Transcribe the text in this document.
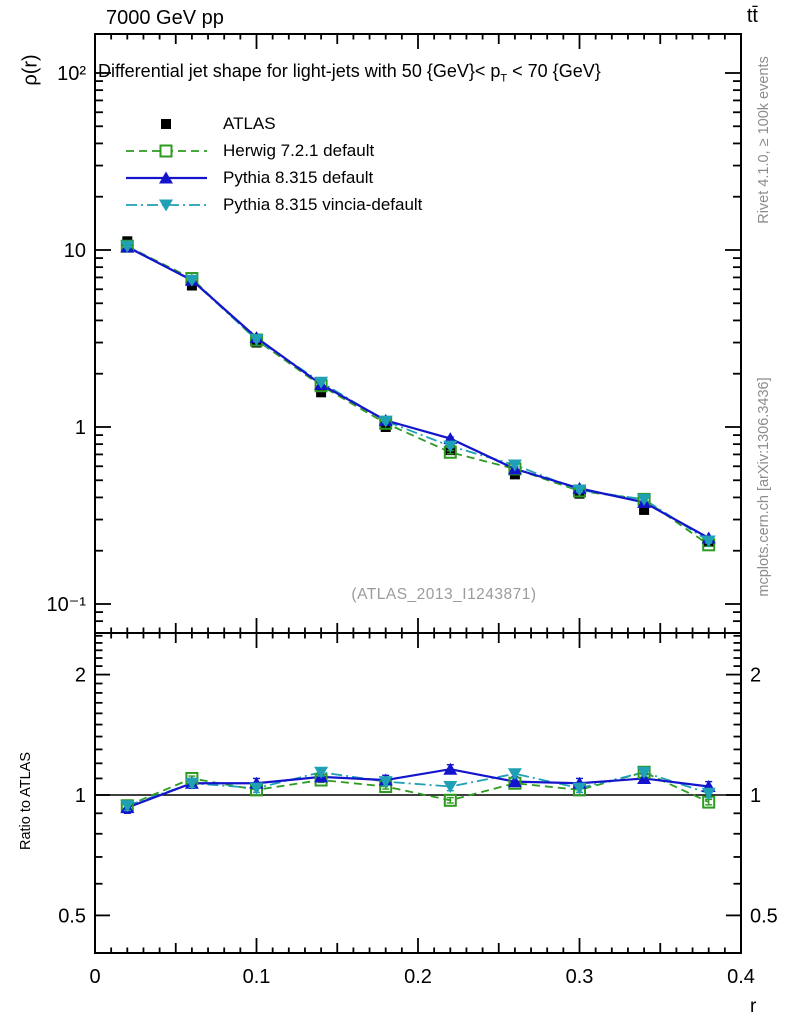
10²
10
1
10⁻¹
2	2
1	1
0.5	0.5
0	0.1	0.2	0.3	0.4
7000 GeV pp	tt̄
ρ(r)
Ratio to ATLAS
r
Differential jet shape for light-jets with 50 $\{GeV\}< p_T < 70$ {GeV}	Rivet 4.1.0, ≥ 100k events
mcplots.cern.ch [arXiv:1306.3436]
(ATLAS_2013_I1243871)
ATLAS
Herwig 7.2.1 default
Pythia 8.315 default
Pythia 8.315 vincia-default
